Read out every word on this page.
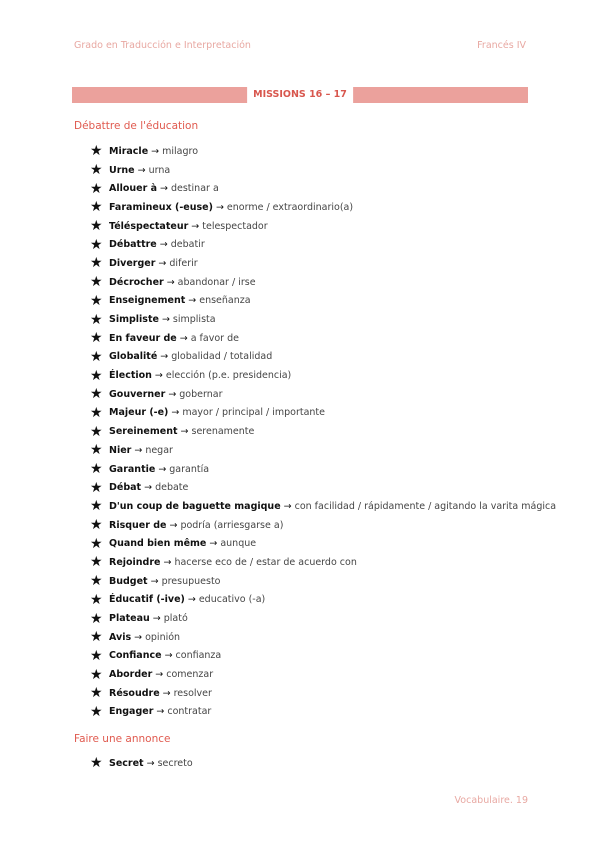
Grado en Traducción e Interpretación	Francés IV
MISSIONS 16 – 17
Débattre de l'éducation
★ Miracle → milagro
★ Urne → urna
★ Allouer à → destinar a
★ Faramineux (-euse) → enorme / extraordinario(a)
★ Téléspectateur → telespectador
★ Débattre → debatir
★ Diverger → diferir
★ Décrocher → abandonar / irse
★ Enseignement → enseñanza
★ Simpliste → simplista
★ En faveur de → a favor de
★ Globalité → globalidad / totalidad
★ Élection → elección (p.e. presidencia)
★ Gouverner → gobernar
★ Majeur (-e) → mayor / principal / importante
★ Sereinement → serenamente
★ Nier → negar
★ Garantie → garantía
★ Débat → debate
★ D'un coup de baguette magique → con facilidad / rápidamente / agitando la varita mágica
★ Risquer de → podría (arriesgarse a)
★ Quand bien même → aunque
★ Rejoindre → hacerse eco de / estar de acuerdo con
★ Budget → presupuesto
★ Éducatif (-ive) → educativo (-a)
★ Plateau → plató
★ Avis → opinión
★ Confiance → confianza
★ Aborder → comenzar
★ Résoudre → resolver
★ Engager → contratar
Faire une annonce
★ Secret → secreto
Vocabulaire. 19
